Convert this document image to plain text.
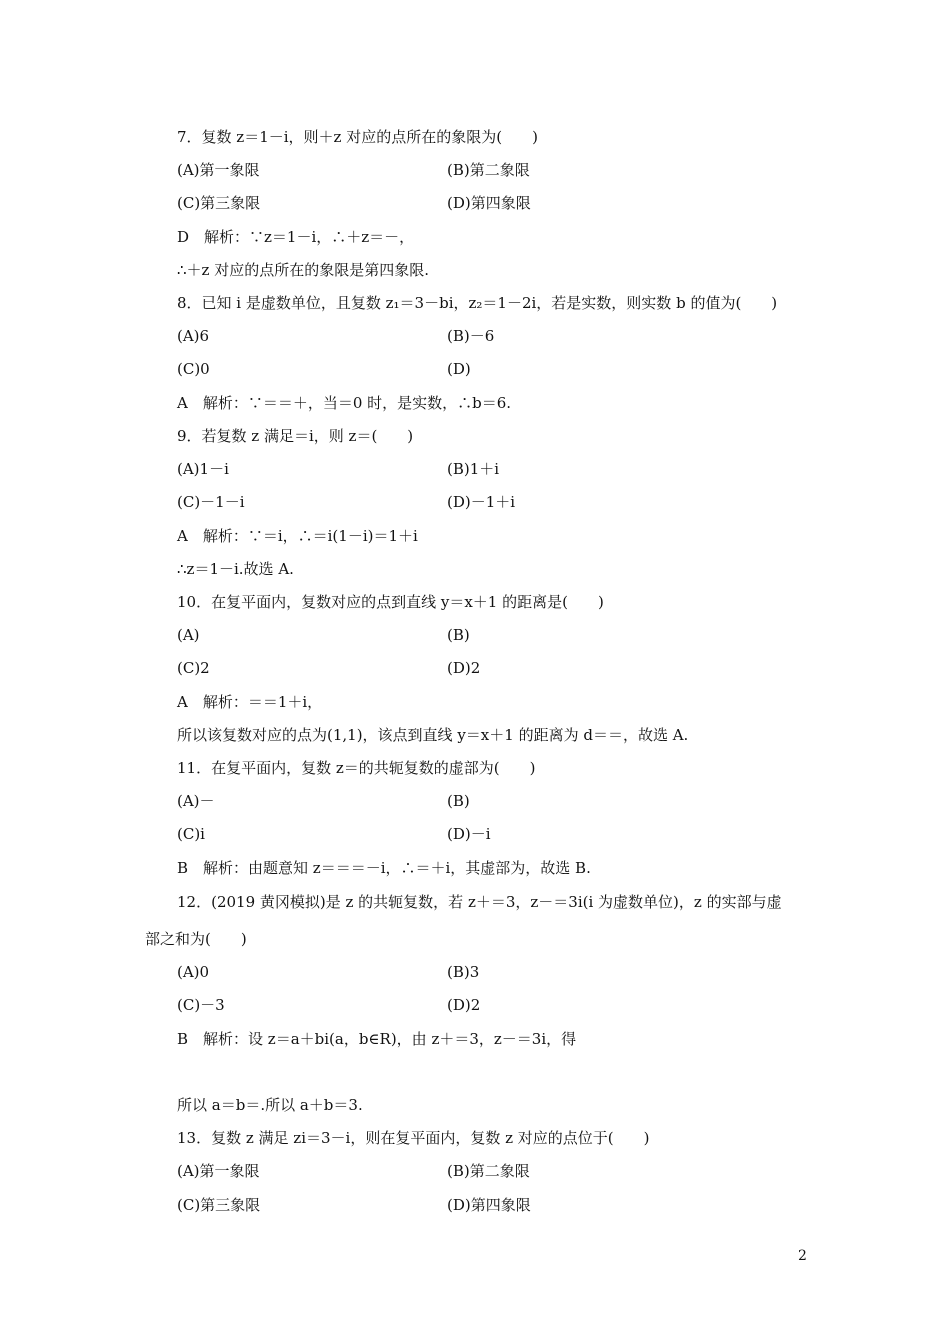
7．复数 z＝1－i，则＋z 对应的点所在的象限为(　　)
(A)第一象限	(B)第二象限
(C)第三象限	(D)第四象限
D　解析：∵z＝1－i，∴＋z＝－，
∴＋z 对应的点所在的象限是第四象限.
8．已知 i 是虚数单位，且复数 z₁＝3－bi，z₂＝1－2i，若是实数，则实数 b 的值为(　　)
(A)6	(B)－6
(C)0	(D)
A　解析：∵＝＝＋，当＝0 时，是实数，∴b＝6.
9．若复数 z 满足＝i，则 z＝(　　)
(A)1－i	(B)1＋i
(C)－1－i	(D)－1＋i
A　解析：∵＝i，∴＝i(1－i)＝1＋i
∴z＝1－i.故选 A.
10．在复平面内，复数对应的点到直线 y＝x＋1 的距离是(　　)
(A)	(B)
(C)2	(D)2
A　解析：＝＝1＋i，
所以该复数对应的点为(1,1)，该点到直线 y＝x＋1 的距离为 d＝＝，故选 A.
11．在复平面内，复数 z＝的共轭复数的虚部为(　　)
(A)－	(B)
(C)i	(D)－i
B　解析：由题意知 z＝＝＝－i，∴＝＋i，其虚部为，故选 B.
12．(2019 黄冈模拟)是 z 的共轭复数，若 z＋＝3，z－＝3i(i 为虚数单位)，z 的实部与虚
部之和为(　　)
(A)0	(B)3
(C)－3	(D)2
B　解析：设 z＝a＋bi(a，b∈R)，由 z＋＝3，z－＝3i，得
所以 a＝b＝.所以 a＋b＝3.
13．复数 z 满足 zi＝3－i，则在复平面内，复数 z 对应的点位于(　　)
(A)第一象限	(B)第二象限
(C)第三象限	(D)第四象限
2
